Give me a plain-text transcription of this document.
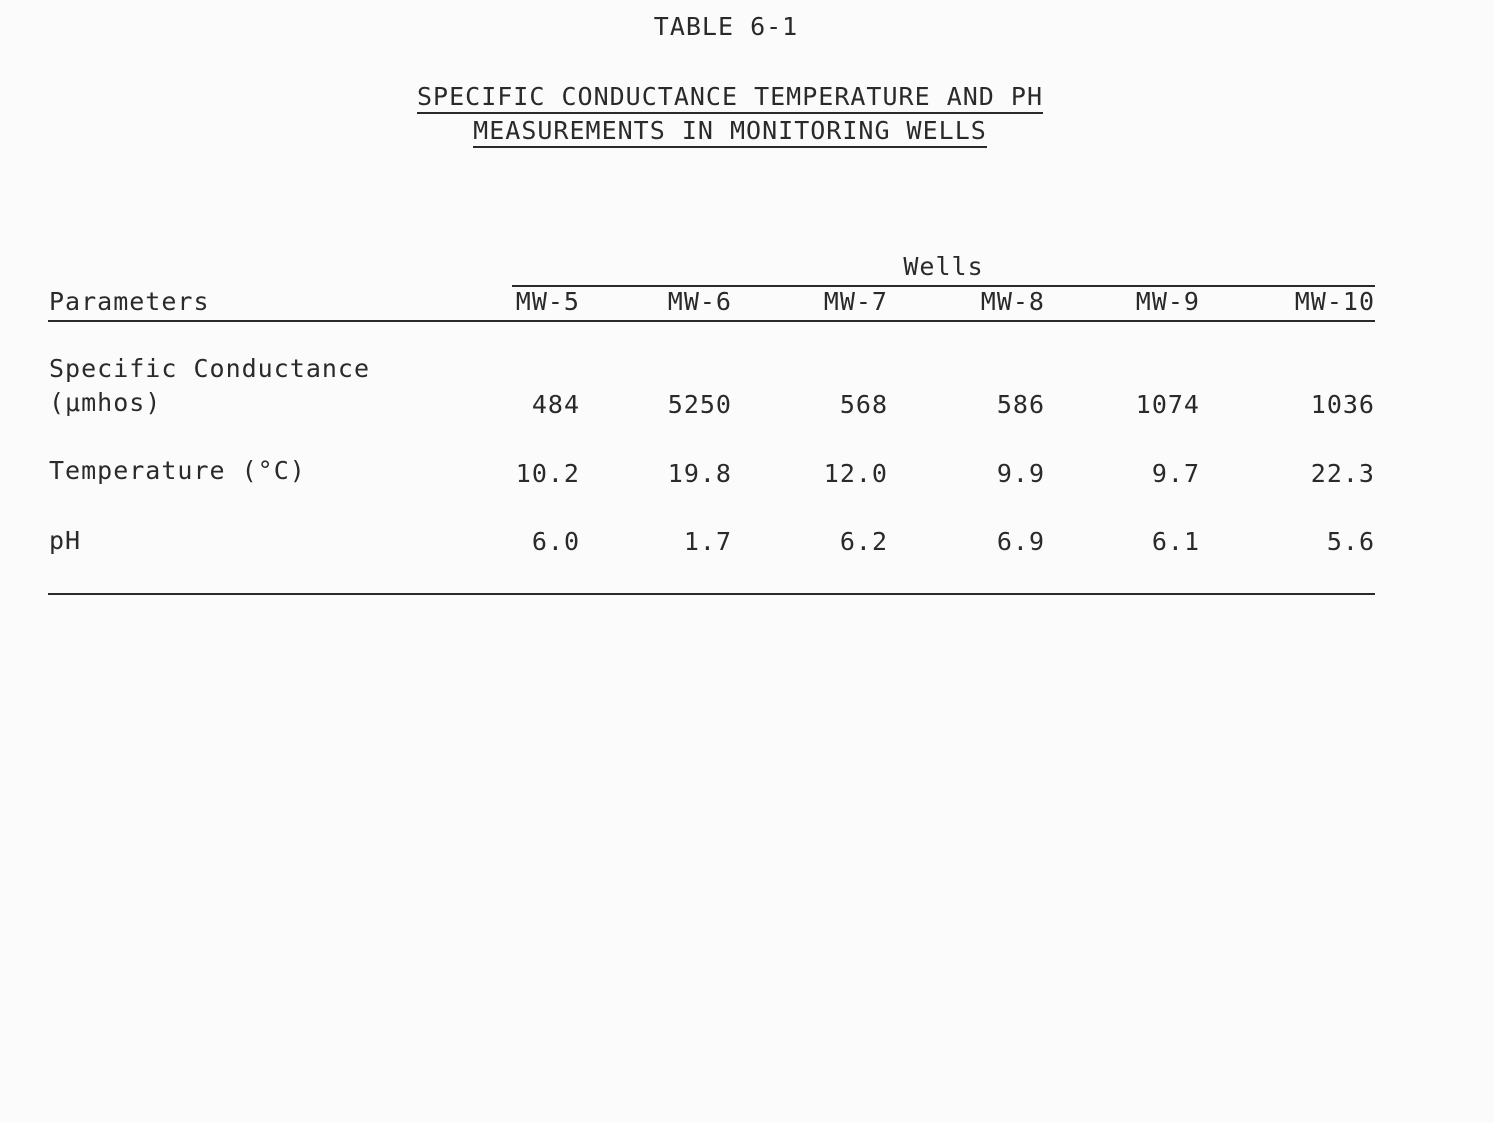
TABLE 6-1
SPECIFIC CONDUCTANCE TEMPERATURE AND PH
MEASUREMENTS IN MONITORING WELLS
Wells
Parameters	MW-5	MW-6	MW-7	MW-8	MW-9	MW-10
Specific Conductance
(μmhos)	484	5250	568	586	1074	1036
Temperature (°C)	10.2	19.8	12.0	9.9	9.7	22.3
pH	6.0	1.7	6.2	6.9	6.1	5.6
